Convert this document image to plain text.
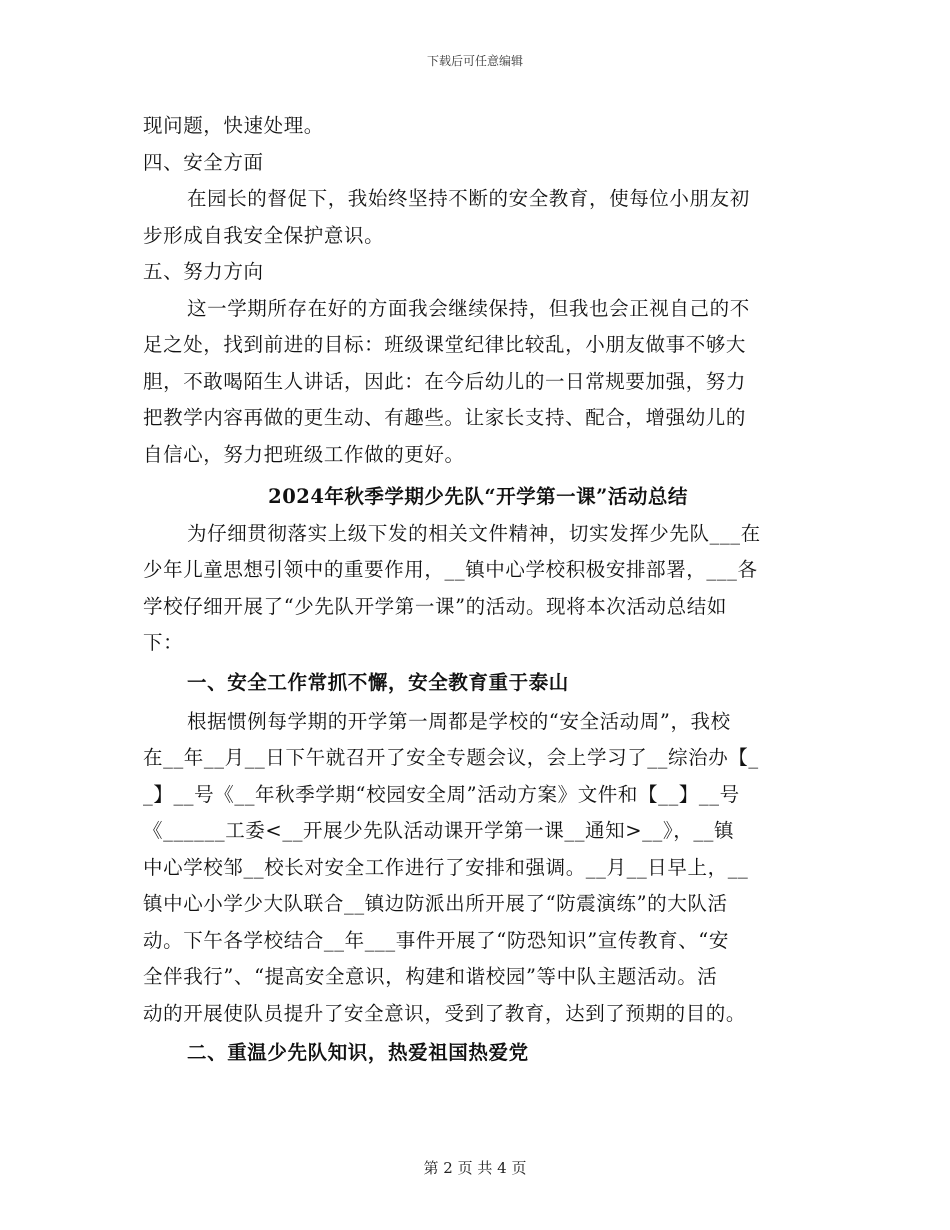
下载后可任意编辑
现问题，快速处理。
四、安全方面
在园长的督促下，我始终坚持不断的安全教育，使每位小朋友初
步形成自我安全保护意识。
五、努力方向
这一学期所存在好的方面我会继续保持，但我也会正视自己的不
足之处，找到前进的目标：班级课堂纪律比较乱，小朋友做事不够大
胆，不敢喝陌生人讲话，因此：在今后幼儿的一日常规要加强，努力
把教学内容再做的更生动、有趣些。让家长支持、配合，增强幼儿的
自信心，努力把班级工作做的更好。
2024年秋季学期少先队“开学第一课”活动总结
为仔细贯彻落实上级下发的相关文件精神，切实发挥少先队___在
少年儿童思想引领中的重要作用，__镇中心学校积极安排部署，___各
学校仔细开展了“少先队开学第一课”的活动。现将本次活动总结如
下：
一、安全工作常抓不懈，安全教育重于泰山
根据惯例每学期的开学第一周都是学校的“安全活动周”，我校
在__年__月__日下午就召开了安全专题会议，会上学习了__综治办【_
_】__号《__年秋季学期“校园安全周”活动方案》文件和【__】__号
《______工委<__开展少先队活动课开学第一课__通知>__》，__镇
中心学校邹__校长对安全工作进行了安排和强调。__月__日早上，__
镇中心小学少大队联合__镇边防派出所开展了“防震演练”的大队活
动。下午各学校结合__年___事件开展了“防恐知识”宣传教育、“安
全伴我行”、“提高安全意识，构建和谐校园”等中队主题活动。活
动的开展使队员提升了安全意识，受到了教育，达到了预期的目的。
二、重温少先队知识，热爱祖国热爱党
第 2 页 共 4 页
